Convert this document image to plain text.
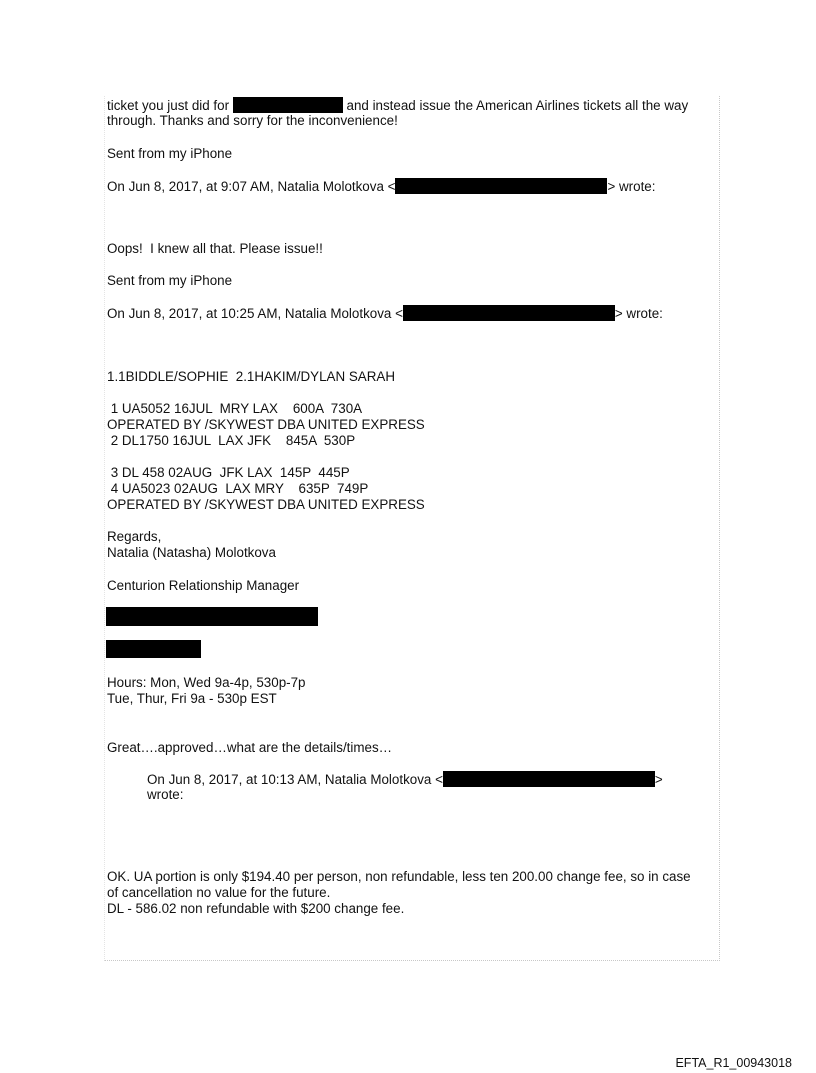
ticket you just did for	and instead issue the American Airlines tickets all the way
through. Thanks and sorry for the inconvenience!
Sent from my iPhone
On Jun 8, 2017, at 9:07 AM, Natalia Molotkova <	> wrote:
Oops!  I knew all that. Please issue!!
Sent from my iPhone
On Jun 8, 2017, at 10:25 AM, Natalia Molotkova <	> wrote:
1.1BIDDLE/SOPHIE  2.1HAKIM/DYLAN SARAH
1 UA5052 16JUL  MRY LAX    600A  730A
OPERATED BY /SKYWEST DBA UNITED EXPRESS
2 DL1750 16JUL  LAX JFK    845A  530P
3 DL 458 02AUG  JFK LAX  145P  445P
4 UA5023 02AUG  LAX MRY    635P  749P
OPERATED BY /SKYWEST DBA UNITED EXPRESS
Regards,
Natalia (Natasha) Molotkova
Centurion Relationship Manager
Hours: Mon, Wed 9a-4p, 530p-7p
Tue, Thur, Fri 9a - 530p EST
Great….approved…what are the details/times…
On Jun 8, 2017, at 10:13 AM, Natalia Molotkova <	>
wrote:
OK. UA portion is only $194.40 per person, non refundable, less ten 200.00 change fee, so in case
of cancellation no value for the future.
DL - 586.02 non refundable with $200 change fee.
EFTA_R1_00943018
